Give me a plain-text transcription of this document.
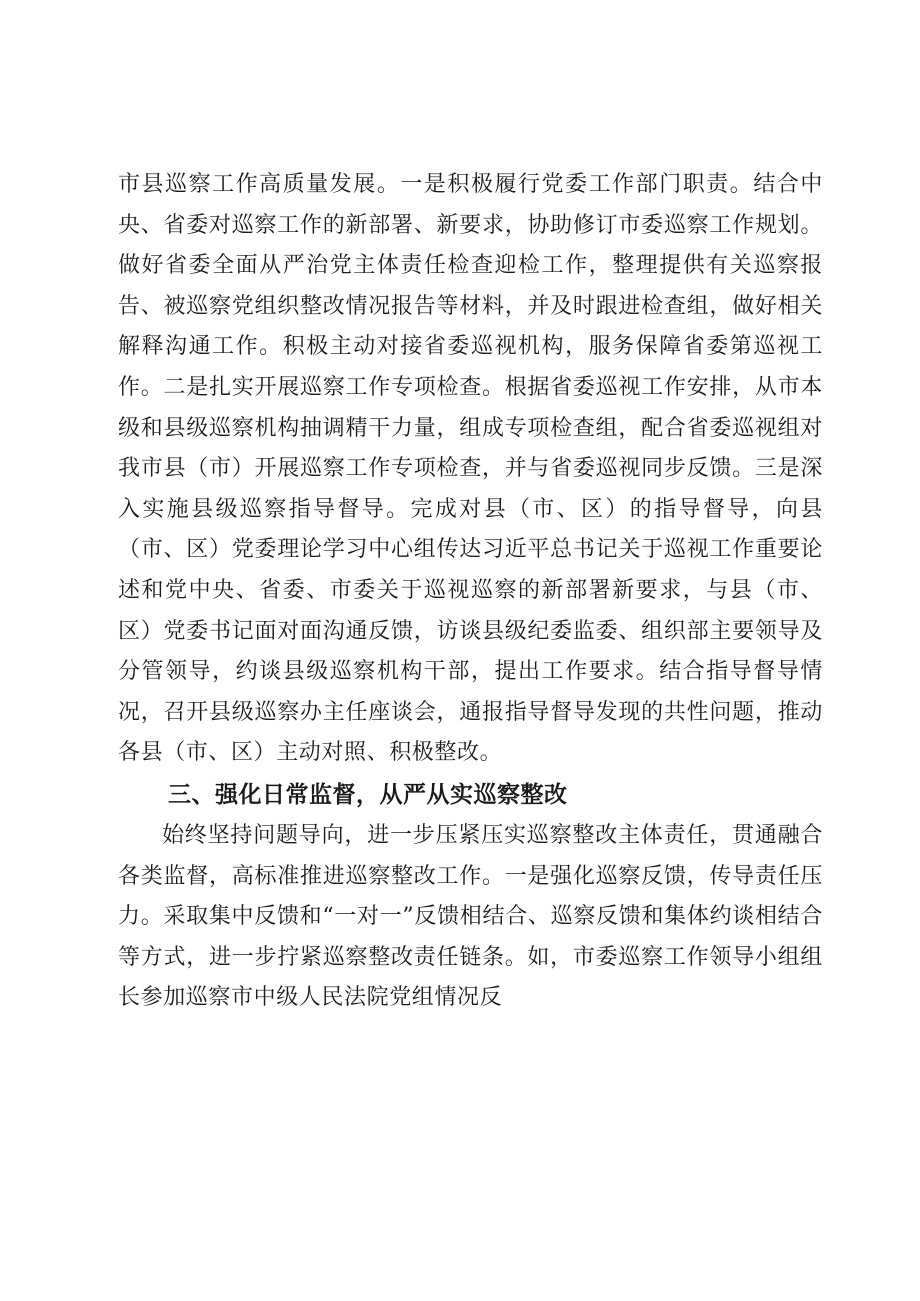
市县巡察工作高质量发展。一是积极履行党委工作部门职责。结合中央、省委对巡察工作的新部署、新要求，协助修订市委巡察工作规划。做好省委全面从严治党主体责任检查迎检工作，整理提供有关巡察报告、被巡察党组织整改情况报告等材料，并及时跟进检查组，做好相关解释沟通工作。积极主动对接省委巡视机构，服务保障省委第巡视工作。二是扎实开展巡察工作专项检查。根据省委巡视工作安排，从市本级和县级巡察机构抽调精干力量，组成专项检查组，配合省委巡视组对我市县（市）开展巡察工作专项检查，并与省委巡视同步反馈。三是深入实施县级巡察指导督导。完成对县（市、区）的指导督导，向县（市、区）党委理论学习中心组传达习近平总书记关于巡视工作重要论述和党中央、省委、市委关于巡视巡察的新部署新要求，与县（市、区）党委书记面对面沟通反馈，访谈县级纪委监委、组织部主要领导及分管领导，约谈县级巡察机构干部，提出工作要求。结合指导督导情况，召开县级巡察办主任座谈会，通报指导督导发现的共性问题，推动各县（市、区）主动对照、积极整改。

三、强化日常监督，从严从实巡察整改

始终坚持问题导向，进一步压紧压实巡察整改主体责任，贯通融合各类监督，高标准推进巡察整改工作。一是强化巡察反馈，传导责任压力。采取集中反馈和“一对一”反馈相结合、巡察反馈和集体约谈相结合等方式，进一步拧紧巡察整改责任链条。如，市委巡察工作领导小组组长参加巡察市中级人民法院党组情况反
